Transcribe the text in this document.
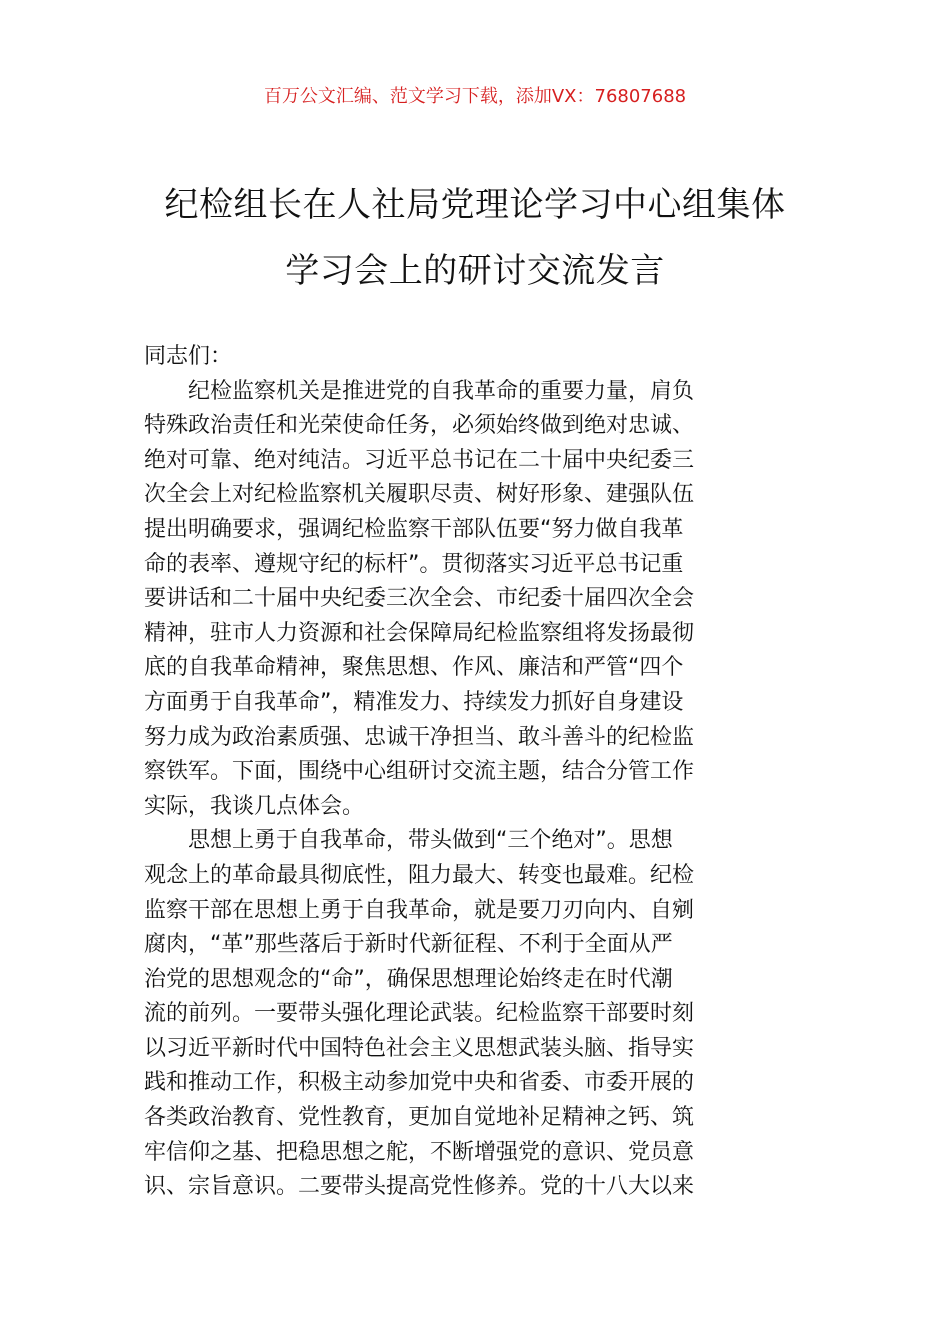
百万公文汇编、范文学习下载，添加VX：76807688
纪检组长在人社局党理论学习中心组集体
学习会上的研讨交流发言
同志们：
纪检监察机关是推进党的自我革命的重要力量，肩负
特殊政治责任和光荣使命任务，必须始终做到绝对忠诚、
绝对可靠、绝对纯洁。习近平总书记在二十届中央纪委三
次全会上对纪检监察机关履职尽责、树好形象、建强队伍
提出明确要求，强调纪检监察干部队伍要“努力做自我革
命的表率、遵规守纪的标杆”。贯彻落实习近平总书记重
要讲话和二十届中央纪委三次全会、市纪委十届四次全会
精神，驻市人力资源和社会保障局纪检监察组将发扬最彻
底的自我革命精神，聚焦思想、作风、廉洁和严管“四个
方面勇于自我革命”，精准发力、持续发力抓好自身建设
努力成为政治素质强、忠诚干净担当、敢斗善斗的纪检监
察铁军。下面，围绕中心组研讨交流主题，结合分管工作
实际，我谈几点体会。
思想上勇于自我革命，带头做到“三个绝对”。思想
观念上的革命最具彻底性，阻力最大、转变也最难。纪检
监察干部在思想上勇于自我革命，就是要刀刃向内、自剜
腐肉，“革”那些落后于新时代新征程、不利于全面从严
治党的思想观念的“命”，确保思想理论始终走在时代潮
流的前列。一要带头强化理论武装。纪检监察干部要时刻
以习近平新时代中国特色社会主义思想武装头脑、指导实
践和推动工作，积极主动参加党中央和省委、市委开展的
各类政治教育、党性教育，更加自觉地补足精神之钙、筑
牢信仰之基、把稳思想之舵，不断增强党的意识、党员意
识、宗旨意识。二要带头提高党性修养。党的十八大以来
